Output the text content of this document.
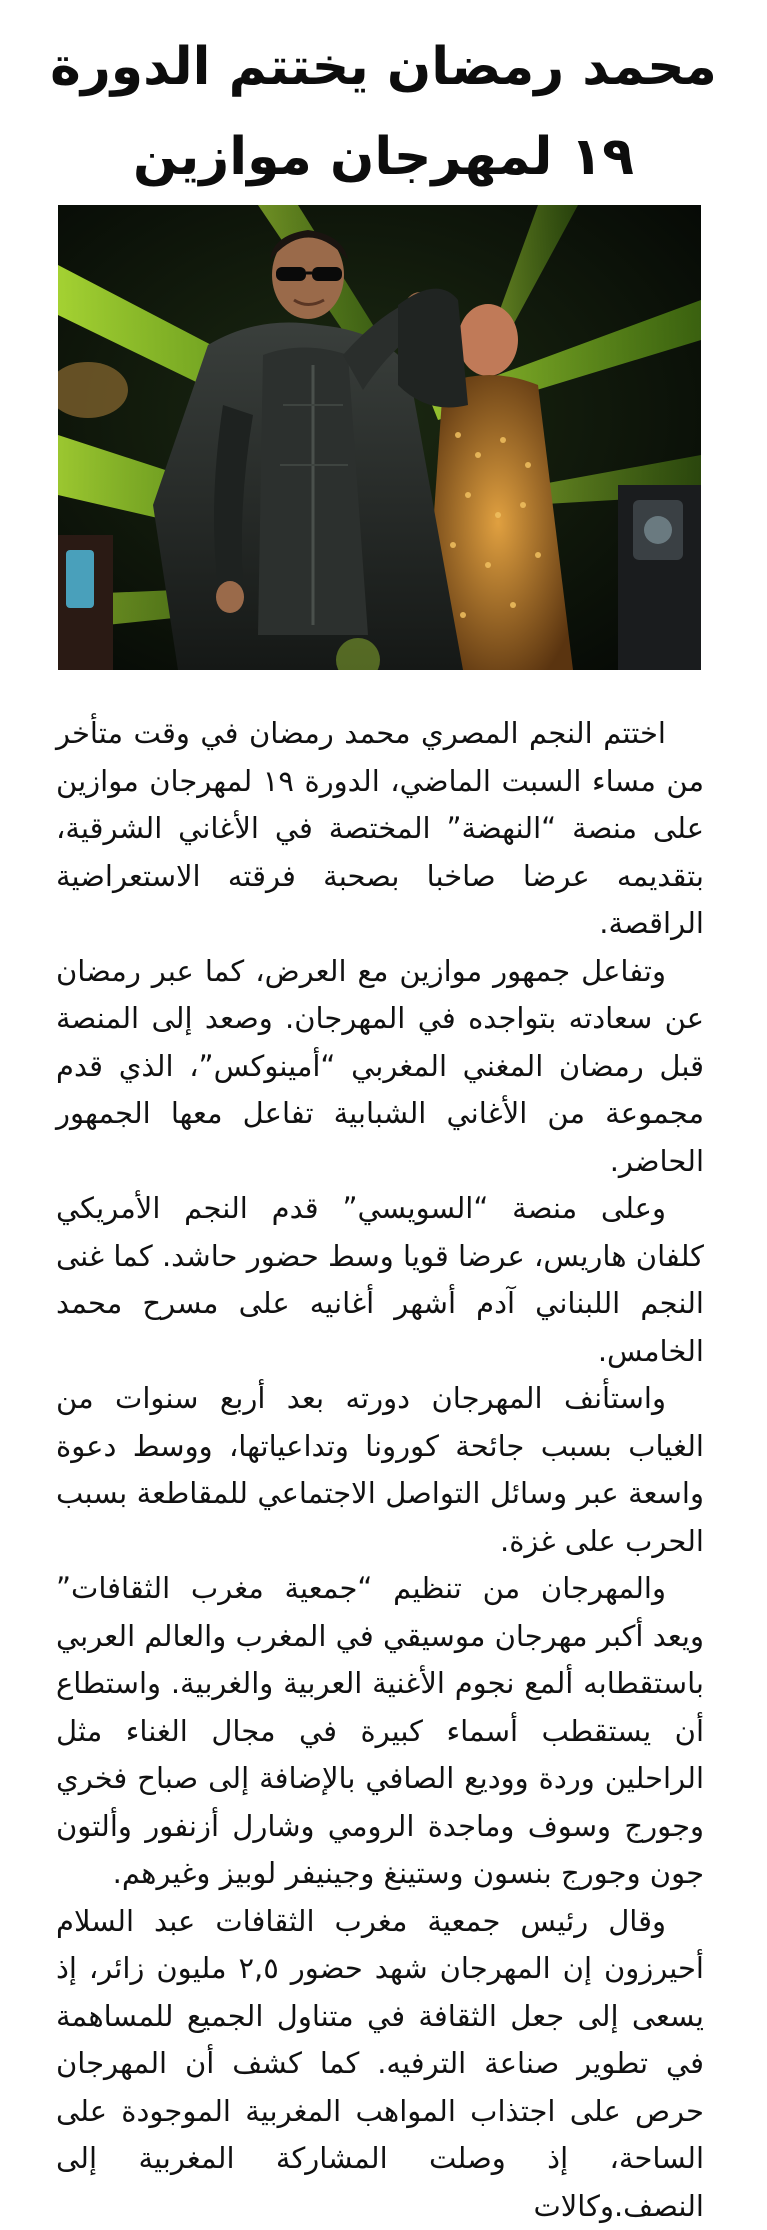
محمد رمضان يختتم الدورة
١٩ لمهرجان موازين

اختتم النجم المصري محمد رمضان في وقت متأخر من مساء السبت الماضي، الدورة ١٩ لمهرجان موازين على منصة “النهضة” المختصة في الأغاني الشرقية، بتقديمه عرضا صاخبا بصحبة فرقته الاستعراضية الراقصة.

وتفاعل جمهور موازين مع العرض، كما عبر رمضان عن سعادته بتواجده في المهرجان. وصعد إلى المنصة قبل رمضان المغني المغربي “أمينوكس”، الذي قدم مجموعة من الأغاني الشبابية تفاعل معها الجمهور الحاضر.

وعلى منصة “السويسي” قدم النجم الأمريكي كلفان هاريس، عرضا قويا وسط حضور حاشد. كما غنى النجم اللبناني آدم أشهر أغانيه على مسرح محمد الخامس.

واستأنف المهرجان دورته بعد أربع سنوات من الغياب بسبب جائحة كورونا وتداعياتها، ووسط دعوة واسعة عبر وسائل التواصل الاجتماعي للمقاطعة بسبب الحرب على غزة.

والمهرجان من تنظيم “جمعية مغرب الثقافات” ويعد أكبر مهرجان موسيقي في المغرب والعالم العربي باستقطابه ألمع نجوم الأغنية العربية والغربية. واستطاع أن يستقطب أسماء كبيرة في مجال الغناء مثل الراحلين وردة ووديع الصافي بالإضافة إلى صباح فخري وجورج وسوف وماجدة الرومي وشارل أزنفور وألتون جون وجورج بنسون وستينغ وجينيفر لوبيز وغيرهم.

وقال رئيس جمعية مغرب الثقافات عبد السلام أحيرزون إن المهرجان شهد حضور ٢,٥ مليون زائر، إذ يسعى إلى جعل الثقافة في متناول الجميع للمساهمة في تطوير صناعة الترفيه. كما كشف أن المهرجان حرص على اجتذاب المواهب المغربية الموجودة على الساحة، إذ وصلت المشاركة المغربية إلى النصف.وكالات
